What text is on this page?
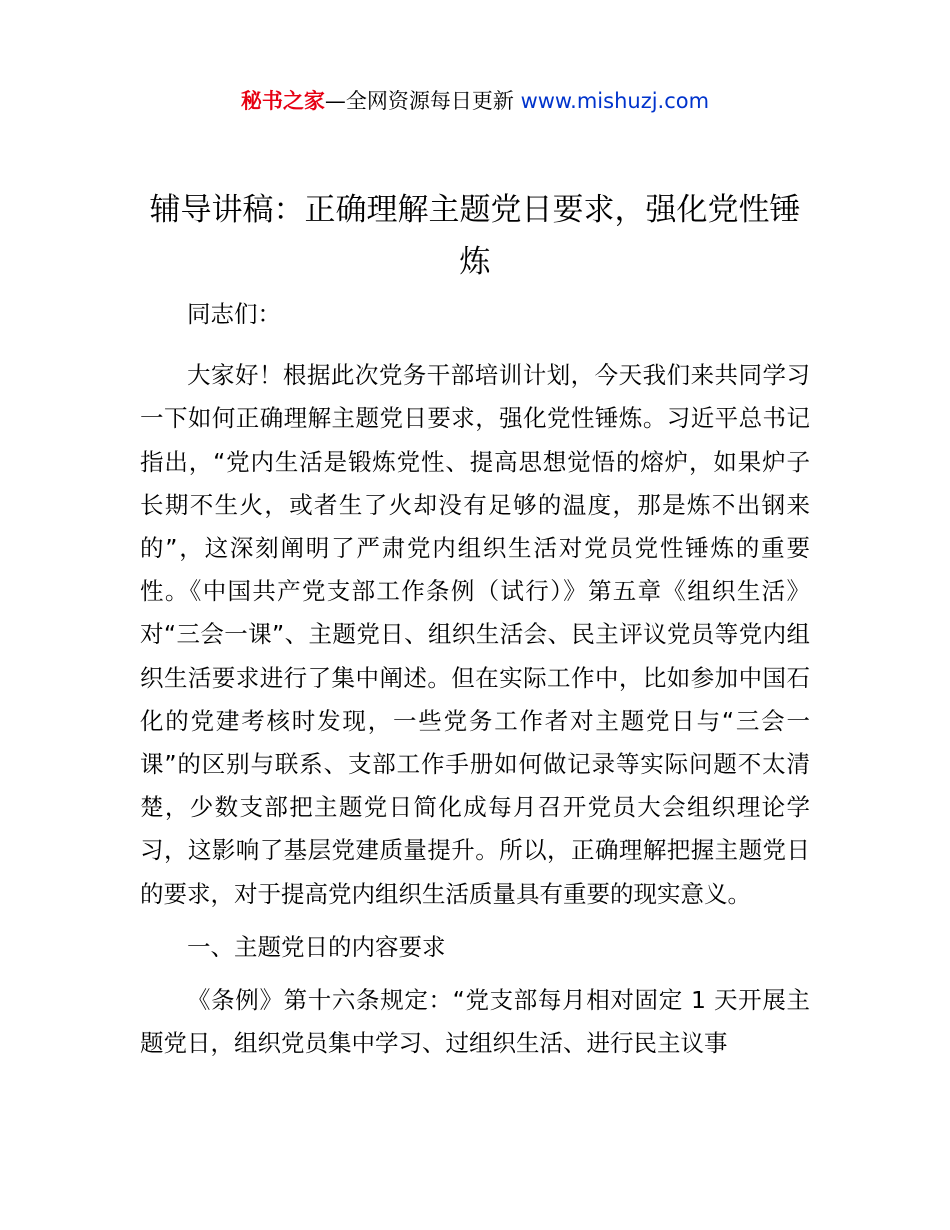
秘书之家—全网资源每日更新 www.mishuzj.com
辅导讲稿：正确理解主题党日要求，强化党性锤炼

同志们：

大家好！根据此次党务干部培训计划，今天我们来共同学习一下如何正确理解主题党日要求，强化党性锤炼。习近平总书记指出，“党内生活是锻炼党性、提高思想觉悟的熔炉，如果炉子长期不生火，或者生了火却没有足够的温度，那是炼不出钢来的”，这深刻阐明了严肃党内组织生活对党员党性锤炼的重要性。《中国共产党支部工作条例（试行）》第五章《组织生活》对“三会一课”、主题党日、组织生活会、民主评议党员等党内组织生活要求进行了集中阐述。但在实际工作中，比如参加中国石化的党建考核时发现，一些党务工作者对主题党日与“三会一课”的区别与联系、支部工作手册如何做记录等实际问题不太清楚，少数支部把主题党日简化成每月召开党员大会组织理论学习，这影响了基层党建质量提升。所以，正确理解把握主题党日的要求，对于提高党内组织生活质量具有重要的现实意义。

一、主题党日的内容要求

《条例》第十六条规定：“党支部每月相对固定 1 天开展主题党日，组织党员集中学习、过组织生活、进行民主议事
